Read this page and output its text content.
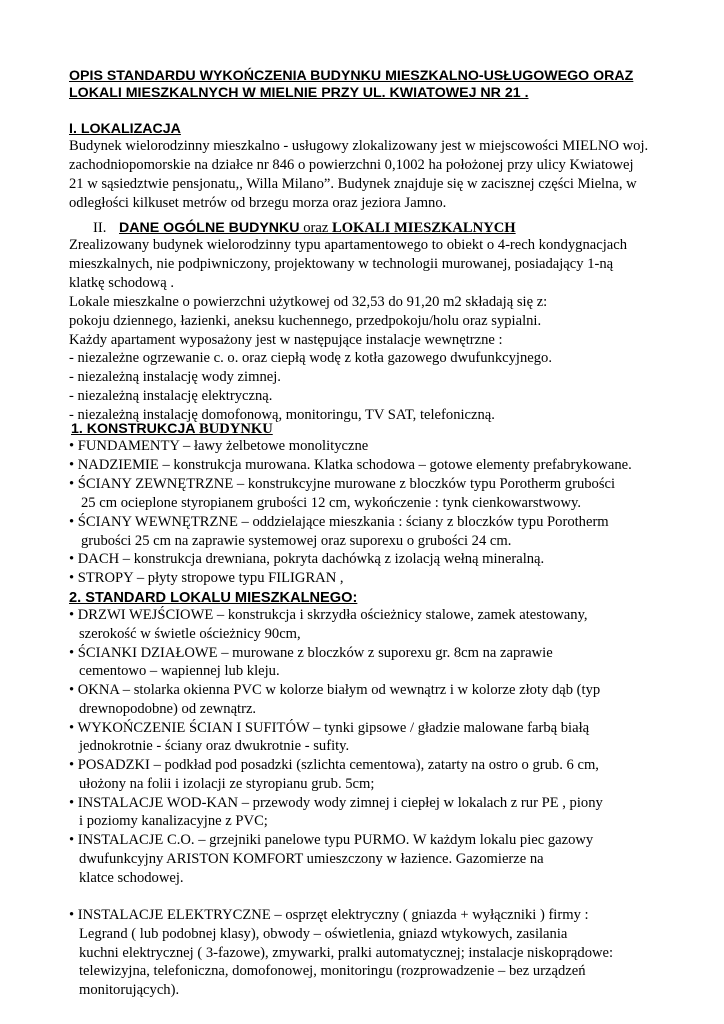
OPIS STANDARDU WYKOŃCZENIA BUDYNKU MIESZKALNO-USŁUGOWEGO ORAZ
LOKALI MIESZKALNYCH W MIELNIE PRZY UL. KWIATOWEJ NR 21 .
I. LOKALIZACJA
Budynek wielorodzinny mieszkalno - usługowy zlokalizowany jest w miejscowości MIELNO woj.
zachodniopomorskie na działce nr 846 o powierzchni 0,1002 ha położonej przy ulicy Kwiatowej
21 w sąsiedztwie pensjonatu,, Willa Milano”. Budynek znajduje się w zacisznej części Mielna, w
odległości kilkuset metrów od brzegu morza oraz jeziora Jamno.
II. DANE OGÓLNE BUDYNKU oraz LOKALI MIESZKALNYCH
Zrealizowany budynek wielorodzinny typu apartamentowego to obiekt o 4-rech kondygnacjach
mieszkalnych, nie podpiwniczony, projektowany w technologii murowanej, posiadający 1-ną
klatkę schodową .
Lokale mieszkalne o powierzchni użytkowej od 32,53 do 91,20 m2 składają się z:
pokoju dziennego, łazienki, aneksu kuchennego, przedpokoju/holu oraz sypialni.
Każdy apartament wyposażony jest w następujące instalacje wewnętrzne :
- niezależne ogrzewanie c. o. oraz ciepłą wodę z kotła gazowego dwufunkcyjnego.
- niezależną instalację wody zimnej.
- niezależną instalację elektryczną.
- niezależną instalację domofonową, monitoringu, TV SAT, telefoniczną.
1. KONSTRUKCJA BUDYNKU
• FUNDAMENTY – ławy żelbetowe monolityczne
• NADZIEMIE – konstrukcja murowana. Klatka schodowa – gotowe elementy prefabrykowane.
• ŚCIANY ZEWNĘTRZNE – konstrukcyjne murowane z bloczków typu Porotherm grubości
25 cm ocieplone styropianem grubości 12 cm, wykończenie : tynk cienkowarstwowy.
• ŚCIANY WEWNĘTRZNE – oddzielające mieszkania : ściany z bloczków typu Porotherm
grubości 25 cm na zaprawie systemowej oraz suporexu o grubości 24 cm.
• DACH – konstrukcja drewniana, pokryta dachówką z izolacją wełną mineralną.
• STROPY – płyty stropowe typu FILIGRAN ,
2. STANDARD LOKALU MIESZKALNEGO:
• DRZWI WEJŚCIOWE – konstrukcja i skrzydła ościeżnicy stalowe, zamek atestowany,
szerokość w świetle ościeżnicy 90cm,
• ŚCIANKI DZIAŁOWE – murowane z bloczków z suporexu gr. 8cm na zaprawie
cementowo – wapiennej lub kleju.
• OKNA – stolarka okienna PVC w kolorze białym od wewnątrz i w kolorze złoty dąb (typ
drewnopodobne) od zewnątrz.
• WYKOŃCZENIE ŚCIAN I SUFITÓW – tynki gipsowe / gładzie malowane farbą białą
jednokrotnie - ściany oraz dwukrotnie - sufity.
• POSADZKI – podkład pod posadzki (szlichta cementowa), zatarty na ostro o grub. 6 cm,
ułożony na folii i izolacji ze styropianu grub. 5cm;
• INSTALACJE WOD-KAN – przewody wody zimnej i ciepłej w lokalach z rur PE , piony
i poziomy kanalizacyjne z PVC;
• INSTALACJE C.O. – grzejniki panelowe typu PURMO. W każdym lokalu piec gazowy
dwufunkcyjny ARISTON KOMFORT umieszczony w łazience. Gazomierze na
klatce schodowej.
• INSTALACJE ELEKTRYCZNE – osprzęt elektryczny ( gniazda + wyłączniki ) firmy :
Legrand ( lub podobnej klasy), obwody – oświetlenia, gniazd wtykowych, zasilania
kuchni elektrycznej ( 3-fazowe), zmywarki, pralki automatycznej; instalacje niskoprądowe:
telewizyjna, telefoniczna, domofonowej, monitoringu (rozprowadzenie – bez urządzeń
monitorujących).
